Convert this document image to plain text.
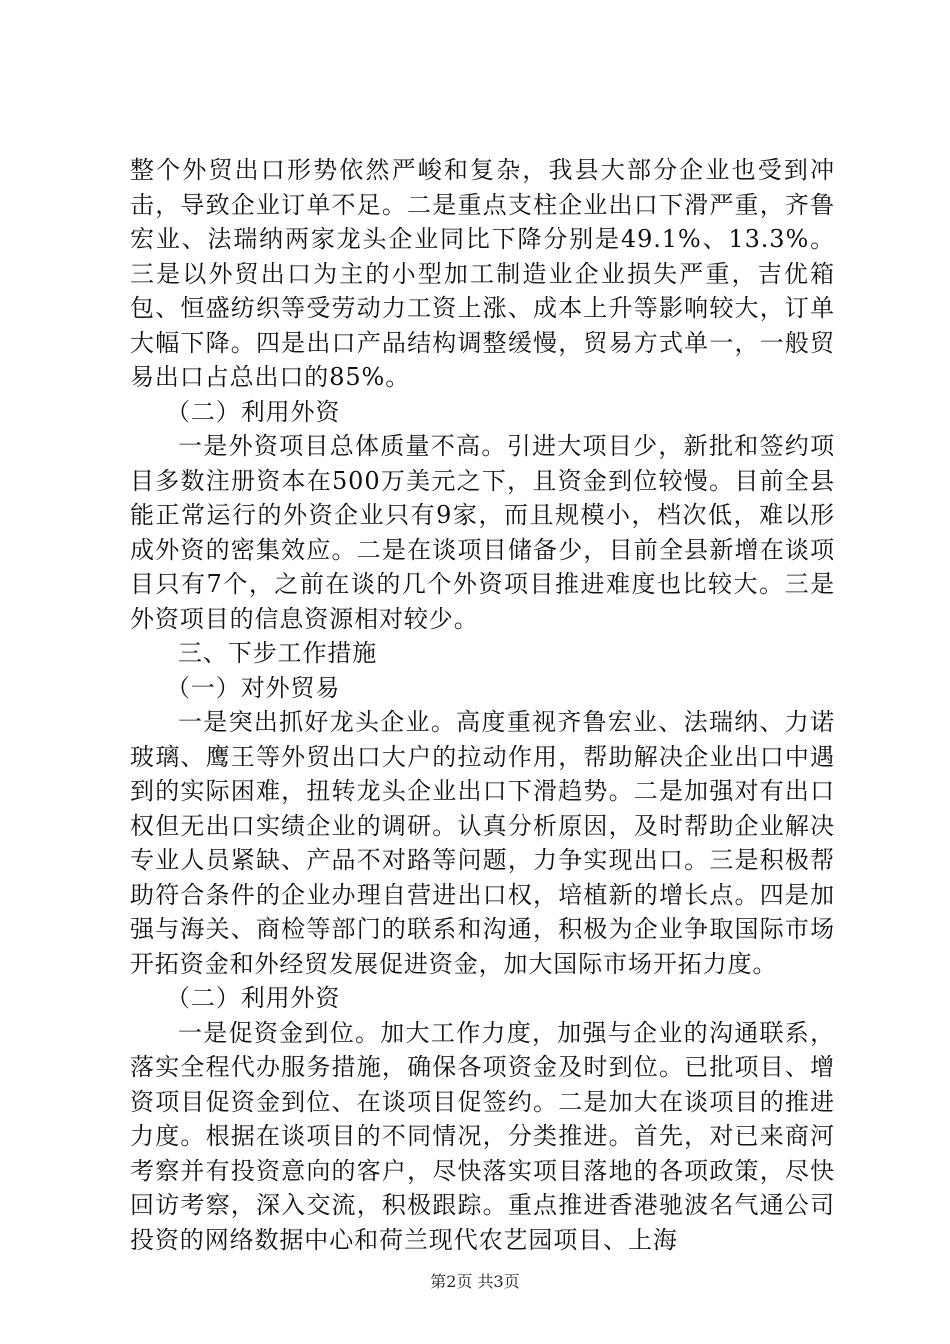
整个外贸出口形势依然严峻和复杂，我县大部分企业也受到冲击，导致企业订单不足。二是重点支柱企业出口下滑严重，齐鲁宏业、法瑞纳两家龙头企业同比下降分别是49.1%、13.3%。三是以外贸出口为主的小型加工制造业企业损失严重，吉优箱包、恒盛纺织等受劳动力工资上涨、成本上升等影响较大，订单大幅下降。四是出口产品结构调整缓慢，贸易方式单一，一般贸易出口占总出口的85%。

（二）利用外资

一是外资项目总体质量不高。引进大项目少，新批和签约项目多数注册资本在500万美元之下，且资金到位较慢。目前全县能正常运行的外资企业只有9家，而且规模小，档次低，难以形成外资的密集效应。二是在谈项目储备少，目前全县新增在谈项目只有7个，之前在谈的几个外资项目推进难度也比较大。三是外资项目的信息资源相对较少。

三、下步工作措施

（一）对外贸易

一是突出抓好龙头企业。高度重视齐鲁宏业、法瑞纳、力诺玻璃、鹰王等外贸出口大户的拉动作用，帮助解决企业出口中遇到的实际困难，扭转龙头企业出口下滑趋势。二是加强对有出口权但无出口实绩企业的调研。认真分析原因，及时帮助企业解决专业人员紧缺、产品不对路等问题，力争实现出口。三是积极帮助符合条件的企业办理自营进出口权，培植新的增长点。四是加强与海关、商检等部门的联系和沟通，积极为企业争取国际市场开拓资金和外经贸发展促进资金，加大国际市场开拓力度。

（二）利用外资

一是促资金到位。加大工作力度，加强与企业的沟通联系，落实全程代办服务措施，确保各项资金及时到位。已批项目、增资项目促资金到位、在谈项目促签约。二是加大在谈项目的推进力度。根据在谈项目的不同情况，分类推进。首先，对已来商河考察并有投资意向的客户，尽快落实项目落地的各项政策，尽快回访考察，深入交流，积极跟踪。重点推进香港驰波名气通公司投资的网络数据中心和荷兰现代农艺园项目、上海

第2页 共3页
